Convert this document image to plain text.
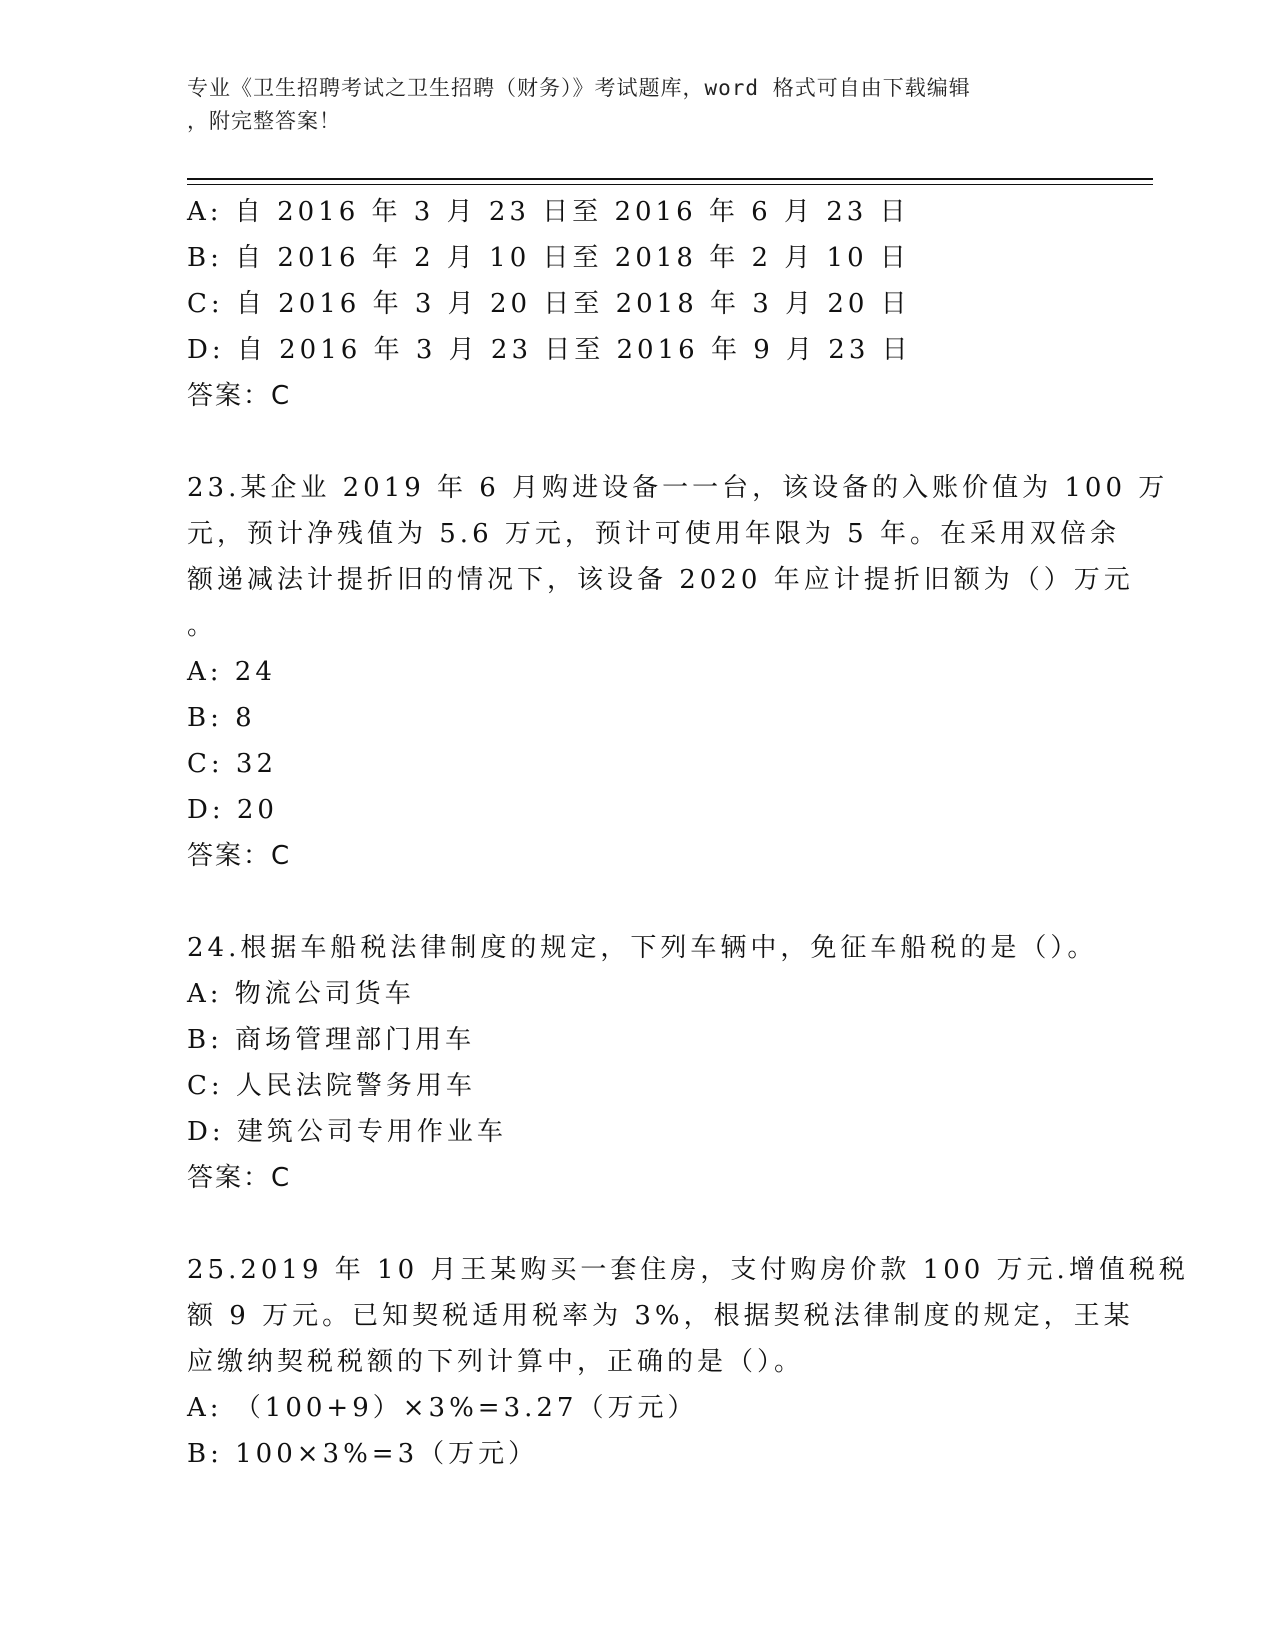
专业《卫生招聘考试之卫生招聘（财务）》考试题库，word 格式可自由下载编辑
，附完整答案！
A: 自 2016 年 3 月 23 日至 2016 年 6 月 23 日
B: 自 2016 年 2 月 10 日至 2018 年 2 月 10 日
C: 自 2016 年 3 月 20 日至 2018 年 3 月 20 日
D: 自 2016 年 3 月 23 日至 2016 年 9 月 23 日
答案：C
23.某企业 2019 年 6 月购进设备一一台，该设备的入账价值为 100 万
元，预计净残值为 5.6 万元，预计可使用年限为 5 年。在采用双倍余
额递减法计提折旧的情况下，该设备 2020 年应计提折旧额为（）万元
。
A: 24
B: 8
C: 32
D: 20
答案：C
24.根据车船税法律制度的规定，下列车辆中，免征车船税的是（）。
A: 物流公司货车
B: 商场管理部门用车
C: 人民法院警务用车
D: 建筑公司专用作业车
答案：C
25.2019 年 10 月王某购买一套住房，支付购房价款 100 万元.增值税税
额 9 万元。已知契税适用税率为 3%，根据契税法律制度的规定，王某
应缴纳契税税额的下列计算中，正确的是（）。
A: （100+9）×3%=3.27（万元）
B: 100×3%=3（万元）
